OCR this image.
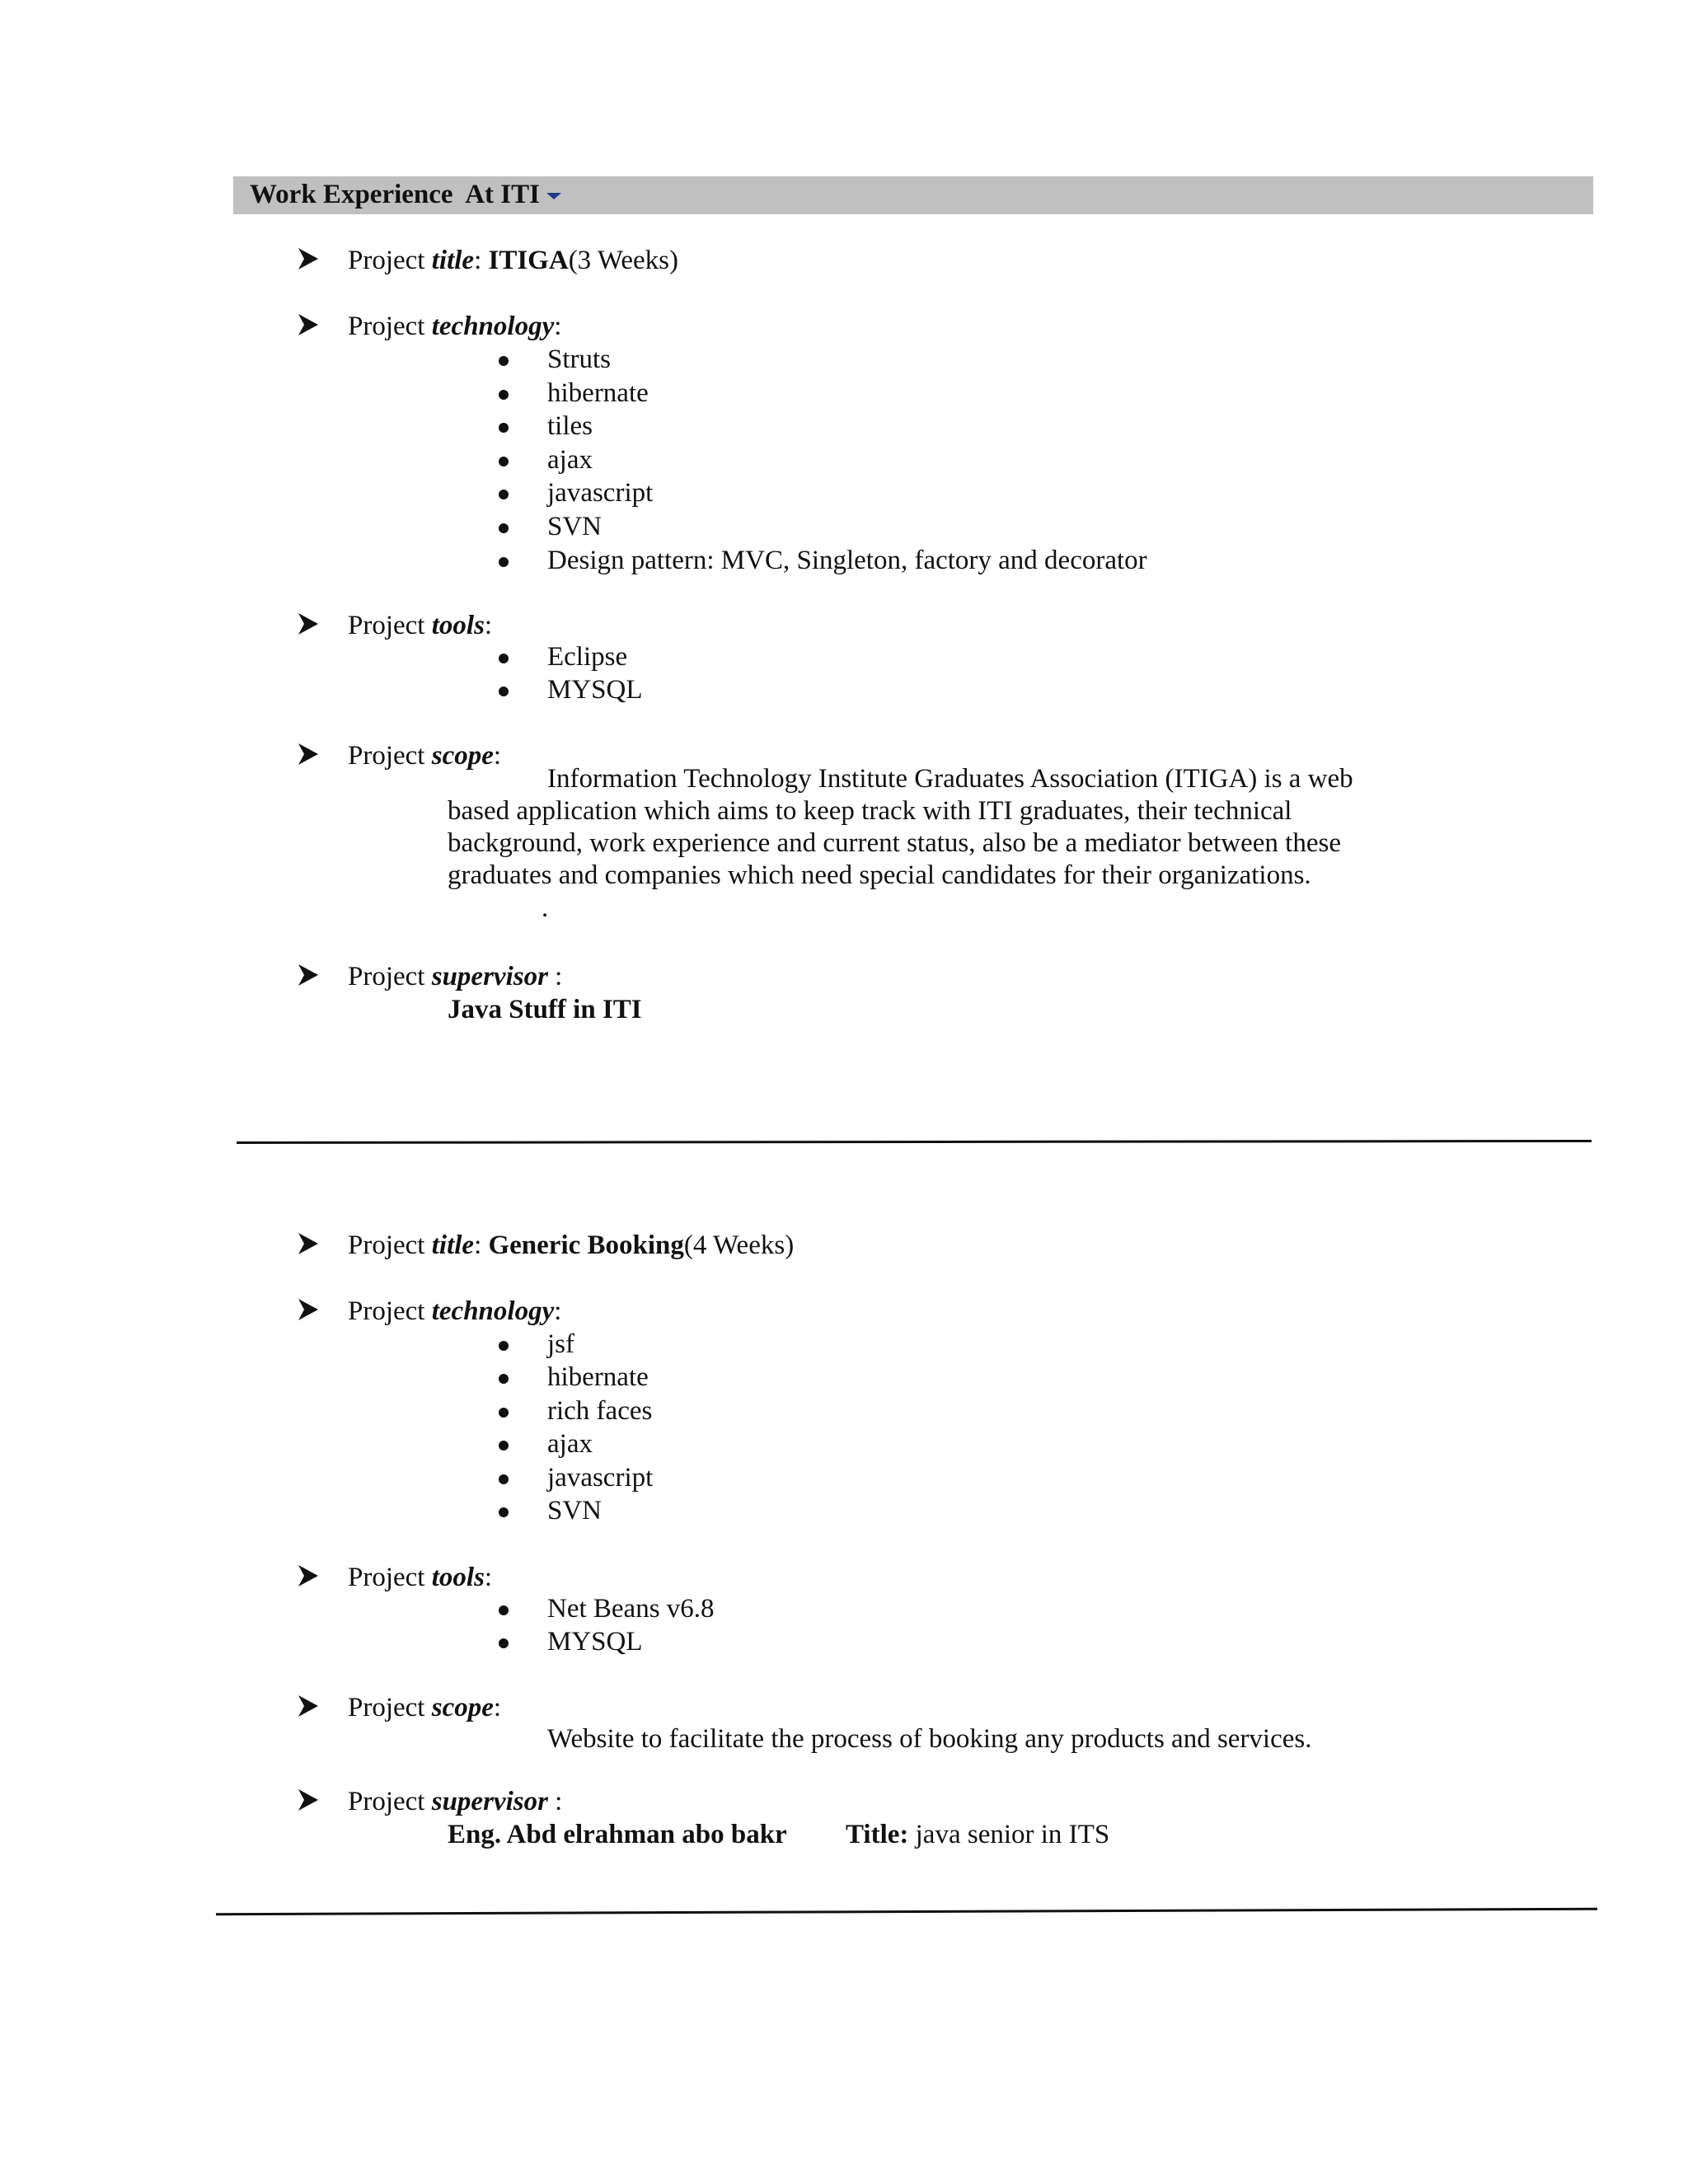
Work Experience  At ITI
Project title: ITIGA(3 Weeks)
Project technology:
Struts
hibernate
tiles
ajax
javascript
SVN
Design pattern: MVC, Singleton, factory and decorator
Project tools:
Eclipse
MYSQL
Project scope:
Information Technology Institute Graduates Association (ITIGA) is a web based application which aims to keep track with ITI graduates, their technical background, work experience and current status, also be a mediator between these graduates and companies which need special candidates for their organizations.
.
Project supervisor :
Java Stuff in ITI
Project title: Generic Booking(4 Weeks)
Project technology:
jsf
hibernate
rich faces
ajax
javascript
SVN
Project tools:
Net Beans v6.8
MYSQL
Project scope:
Website to facilitate the process of booking any products and services.
Project supervisor :
Eng. Abd elrahman abo bakr Title: java senior in ITS
